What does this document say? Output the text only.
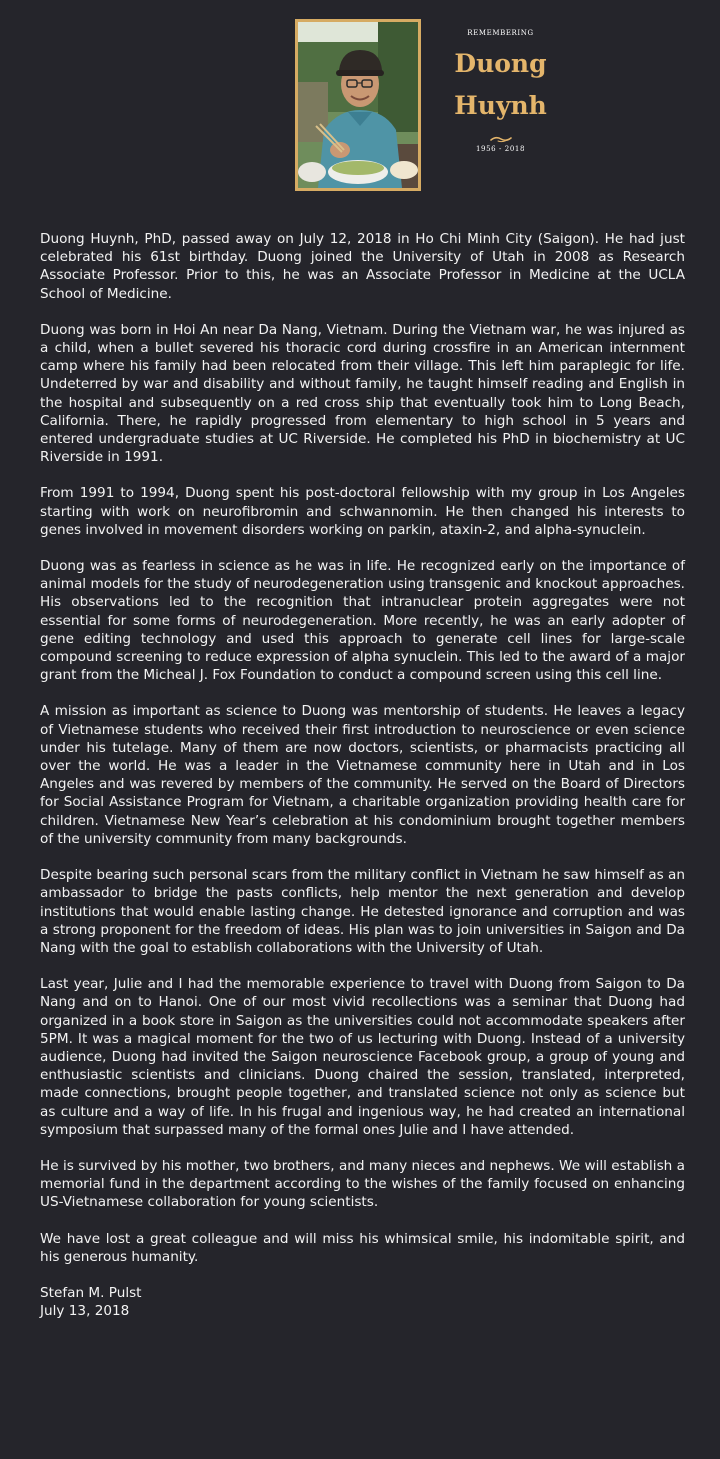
REMEMBERING
Duong
Huynh
1956 - 2018

Duong Huynh, PhD, passed away on July 12, 2018 in Ho Chi Minh City (Saigon). He had just celebrated his 61st birthday. Duong joined the University of Utah in 2008 as Research Associate Professor. Prior to this, he was an Associate Professor in Medicine at the UCLA School of Medicine.

Duong was born in Hoi An near Da Nang, Vietnam. During the Vietnam war, he was injured as a child, when a bullet severed his thoracic cord during crossfire in an American internment camp where his family had been relocated from their village. This left him paraplegic for life. Undeterred by war and disability and without family, he taught himself reading and English in the hospital and subsequently on a red cross ship that eventually took him to Long Beach, California. There, he rapidly progressed from elementary to high school in 5 years and entered undergraduate studies at UC Riverside. He completed his PhD in biochemistry at UC Riverside in 1991.

From 1991 to 1994, Duong spent his post-doctoral fellowship with my group in Los Angeles starting with work on neurofibromin and schwannomin. He then changed his interests to genes involved in movement disorders working on parkin, ataxin-2, and alpha-synuclein.

Duong was as fearless in science as he was in life. He recognized early on the importance of animal models for the study of neurodegeneration using transgenic and knockout approaches. His observations led to the recognition that intranuclear protein aggregates were not essential for some forms of neurodegeneration. More recently, he was an early adopter of gene editing technology and used this approach to generate cell lines for large-scale compound screening to reduce expression of alpha synuclein. This led to the award of a major grant from the Micheal J. Fox Foundation to conduct a compound screen using this cell line.

A mission as important as science to Duong was mentorship of students. He leaves a legacy of Vietnamese students who received their first introduction to neuroscience or even science under his tutelage. Many of them are now doctors, scientists, or pharmacists practicing all over the world. He was a leader in the Vietnamese community here in Utah and in Los Angeles and was revered by members of the community. He served on the Board of Directors for Social Assistance Program for Vietnam, a charitable organization providing health care for children. Vietnamese New Year’s celebration at his condominium brought together members of the university community from many backgrounds.

Despite bearing such personal scars from the military conflict in Vietnam he saw himself as an ambassador to bridge the pasts conflicts, help mentor the next generation and develop institutions that would enable lasting change. He detested ignorance and corruption and was a strong proponent for the freedom of ideas. His plan was to join universities in Saigon and Da Nang with the goal to establish collaborations with the University of Utah.

Last year, Julie and I had the memorable experience to travel with Duong from Saigon to Da Nang and on to Hanoi. One of our most vivid recollections was a seminar that Duong had organized in a book store in Saigon as the universities could not accommodate speakers after 5PM. It was a magical moment for the two of us lecturing with Duong. Instead of a university audience, Duong had invited the Saigon neuroscience Facebook group, a group of young and enthusiastic scientists and clinicians. Duong chaired the session, translated, interpreted, made connections, brought people together, and translated science not only as science but as culture and a way of life. In his frugal and ingenious way, he had created an international symposium that surpassed many of the formal ones Julie and I have attended.

He is survived by his mother, two brothers, and many nieces and nephews. We will establish a memorial fund in the department according to the wishes of the family focused on enhancing US-Vietnamese collaboration for young scientists.

We have lost a great colleague and will miss his whimsical smile, his indomitable spirit, and his generous humanity.

Stefan M. Pulst
July 13, 2018
